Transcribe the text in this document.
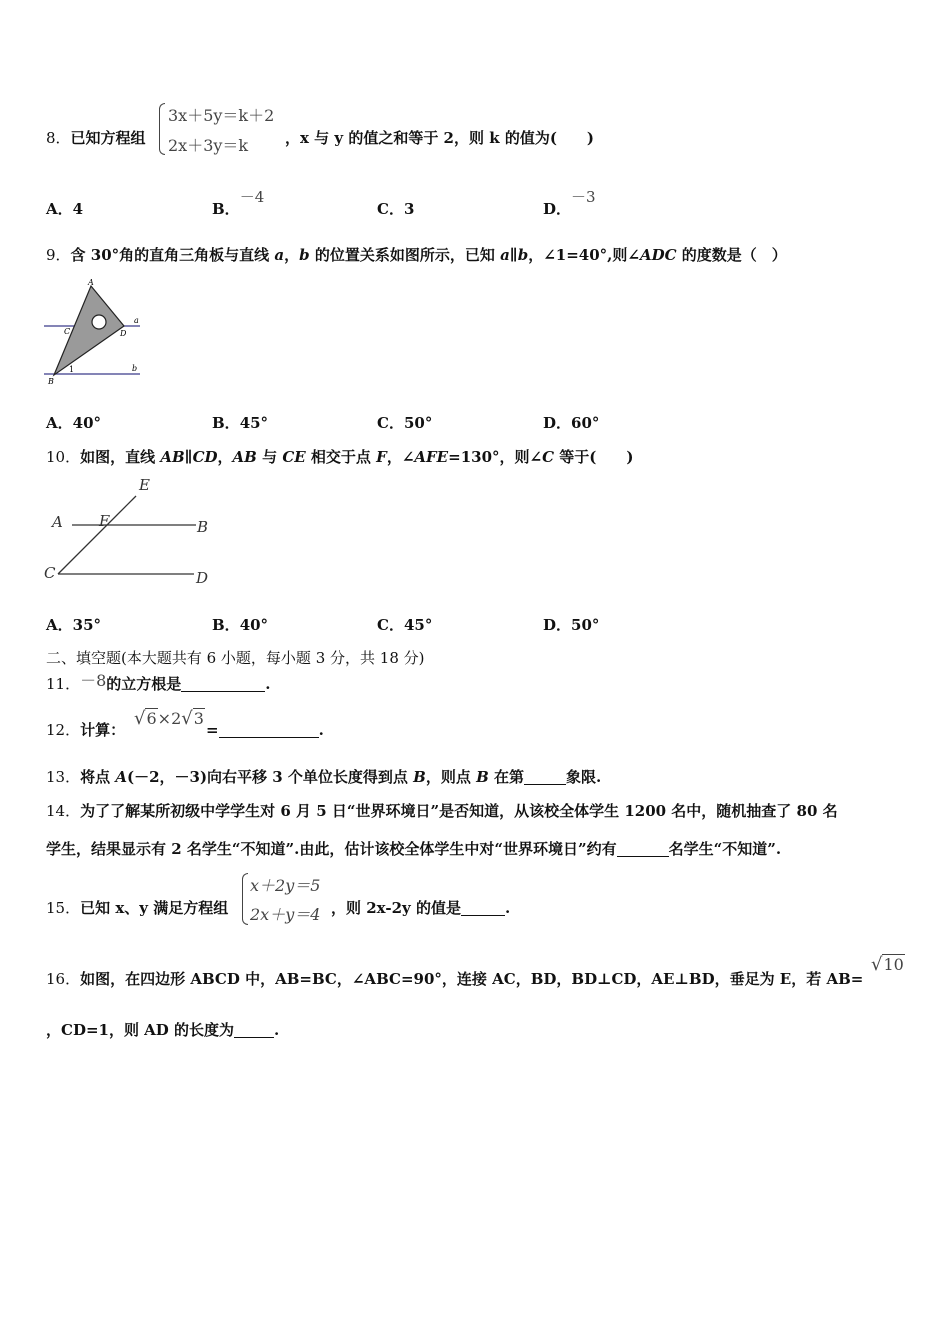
8．已知方程组
3x＋5y＝k＋2
2x＋3y＝k ，x 与 y 的值之和等于 2，则 k 的值为(　　)
A．4	B．－4
C．3	D．－3
9．含 30°角的直角三角板与直线 a，b 的位置关系如图所示，已知 a∥b，∠1=40°,则∠ADC 的度数是（　）
A
C	D
B
a
b
1
A．40°	B．45°	C．50°	D．60°
10．如图，直线 AB∥CD，AB 与 CE 相交于点 F，∠AFE=130°，则∠C 等于(　　)
A F	B
C	D
E
A．35°	B．40°	C．45°	D．50°
二、填空题(本大题共有 6 小题，每小题 3 分，共 18 分)
11．－8的立方根是	.
12．计算：
√6×2√3
=	.
13．将点 A(－2，－3)向右平移 3 个单位长度得到点 B，则点 B 在第	象限.
14．为了了解某所初级中学学生对 6 月 5 日“世界环境日”是否知道，从该校全体学生 1200 名中，随机抽查了 80 名
学生，结果显示有 2 名学生“不知道”.由此，估计该校全体学生中对“世界环境日”约有	名学生“不知道”.
15．已知 x、y 满足方程组
x＋2y＝5
2x＋y＝4 ，则 2x-2y 的值是	.
16．如图，在四边形 ABCD 中，AB=BC，∠ABC=90°，连接 AC，BD，BD⊥CD，AE⊥BD，垂足为 E，若 AB=
√10
，CD=1，则 AD 的长度为	.
